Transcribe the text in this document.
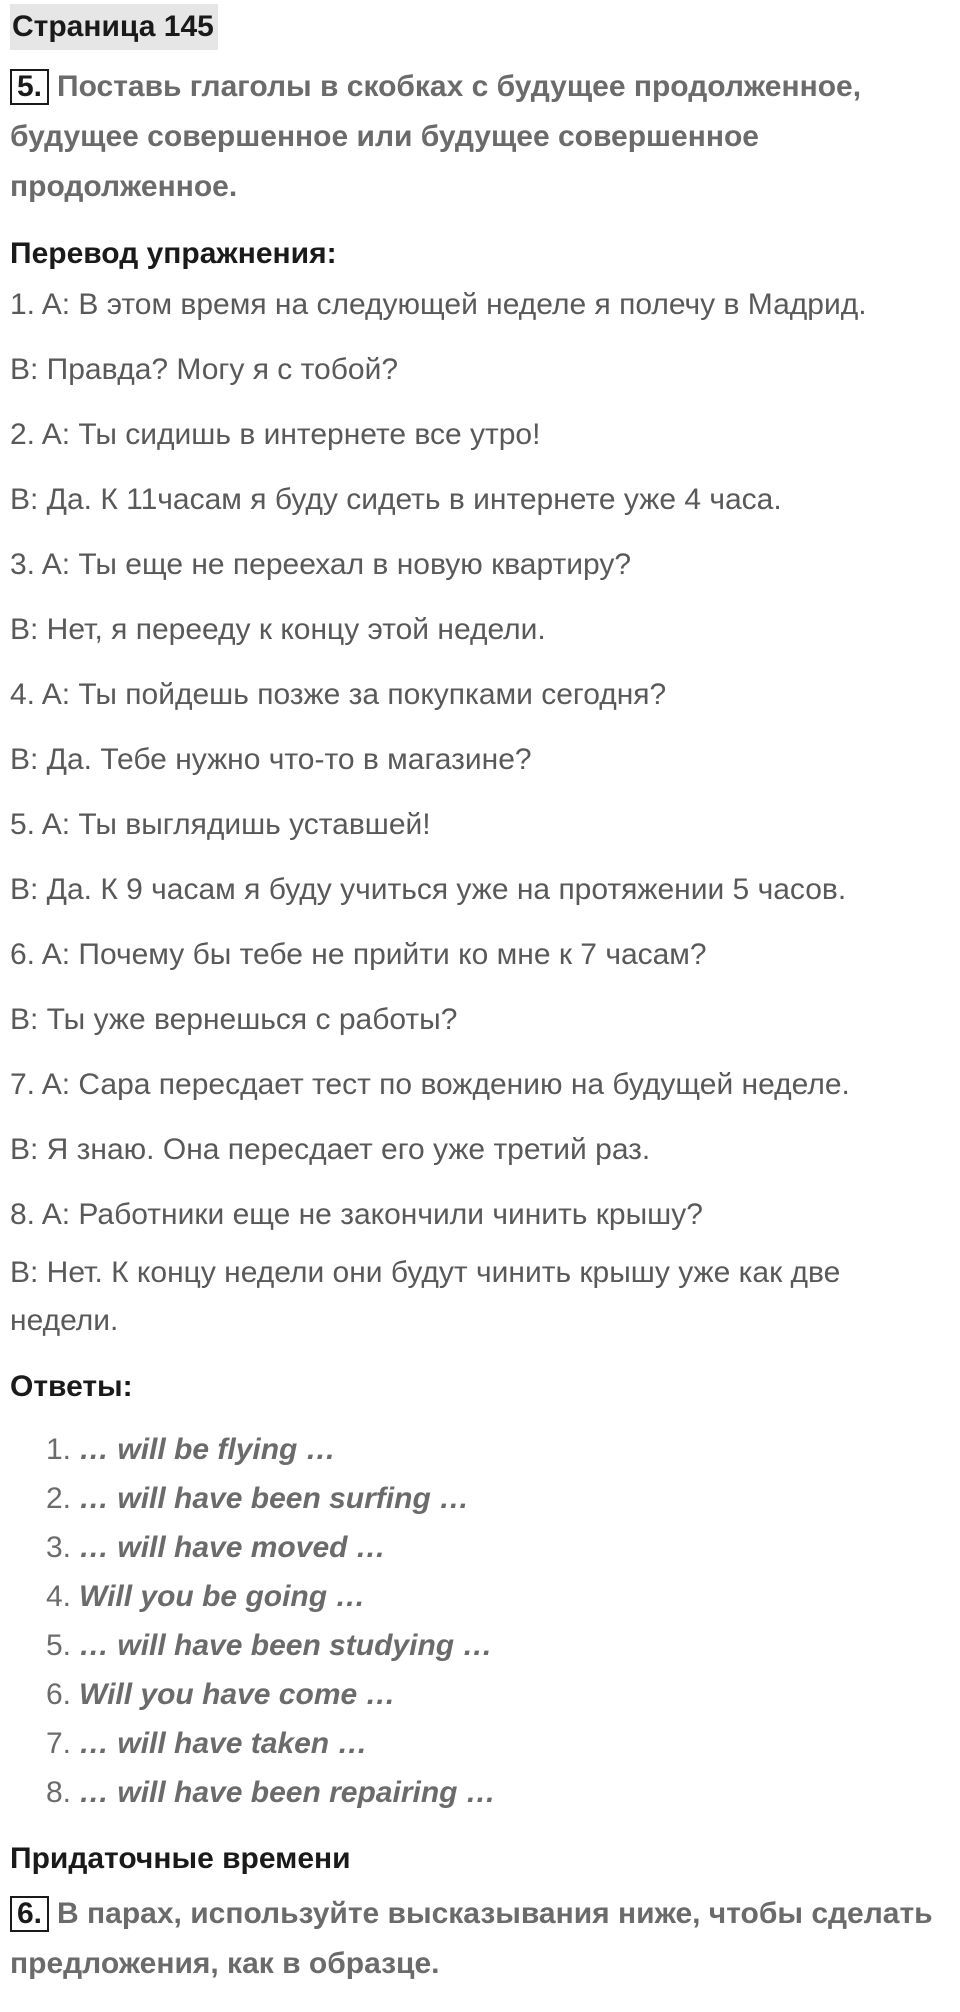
Страница 145
5. Поставь глаголы в скобках с будущее продолженное, будущее совершенное или будущее совершенное продолженное.
Перевод упражнения:
1. A: В этом время на следующей неделе я полечу в Мадрид.
B: Правда? Могу я с тобой?
2. A: Ты сидишь в интернете все утро!
B: Да. К 11часам я буду сидеть в интернете уже 4 часа.
3. A: Ты еще не переехал в новую квартиру?
B: Нет, я перееду к концу этой недели.
4. A: Ты пойдешь позже за покупками сегодня?
B: Да. Тебе нужно что-то в магазине?
5. A: Ты выглядишь уставшей!
B: Да. К 9 часам я буду учиться уже на протяжении 5 часов.
6. A: Почему бы тебе не прийти ко мне к 7 часам?
B: Ты уже вернешься с работы?
7. A: Сара пересдает тест по вождению на будущей неделе.
B: Я знаю. Она пересдает его уже третий раз.
8. A: Работники еще не закончили чинить крышу?
B: Нет. К концу недели они будут чинить крышу уже как две недели.
Ответы:
1. … will be flying …
2. … will have been surfing …
3. … will have moved …
4. Will you be going …
5. … will have been studying …
6. Will you have come …
7. … will have taken …
8. … will have been repairing …
Придаточные времени
6. В парах, используйте высказывания ниже, чтобы сделать предложения, как в образце.
